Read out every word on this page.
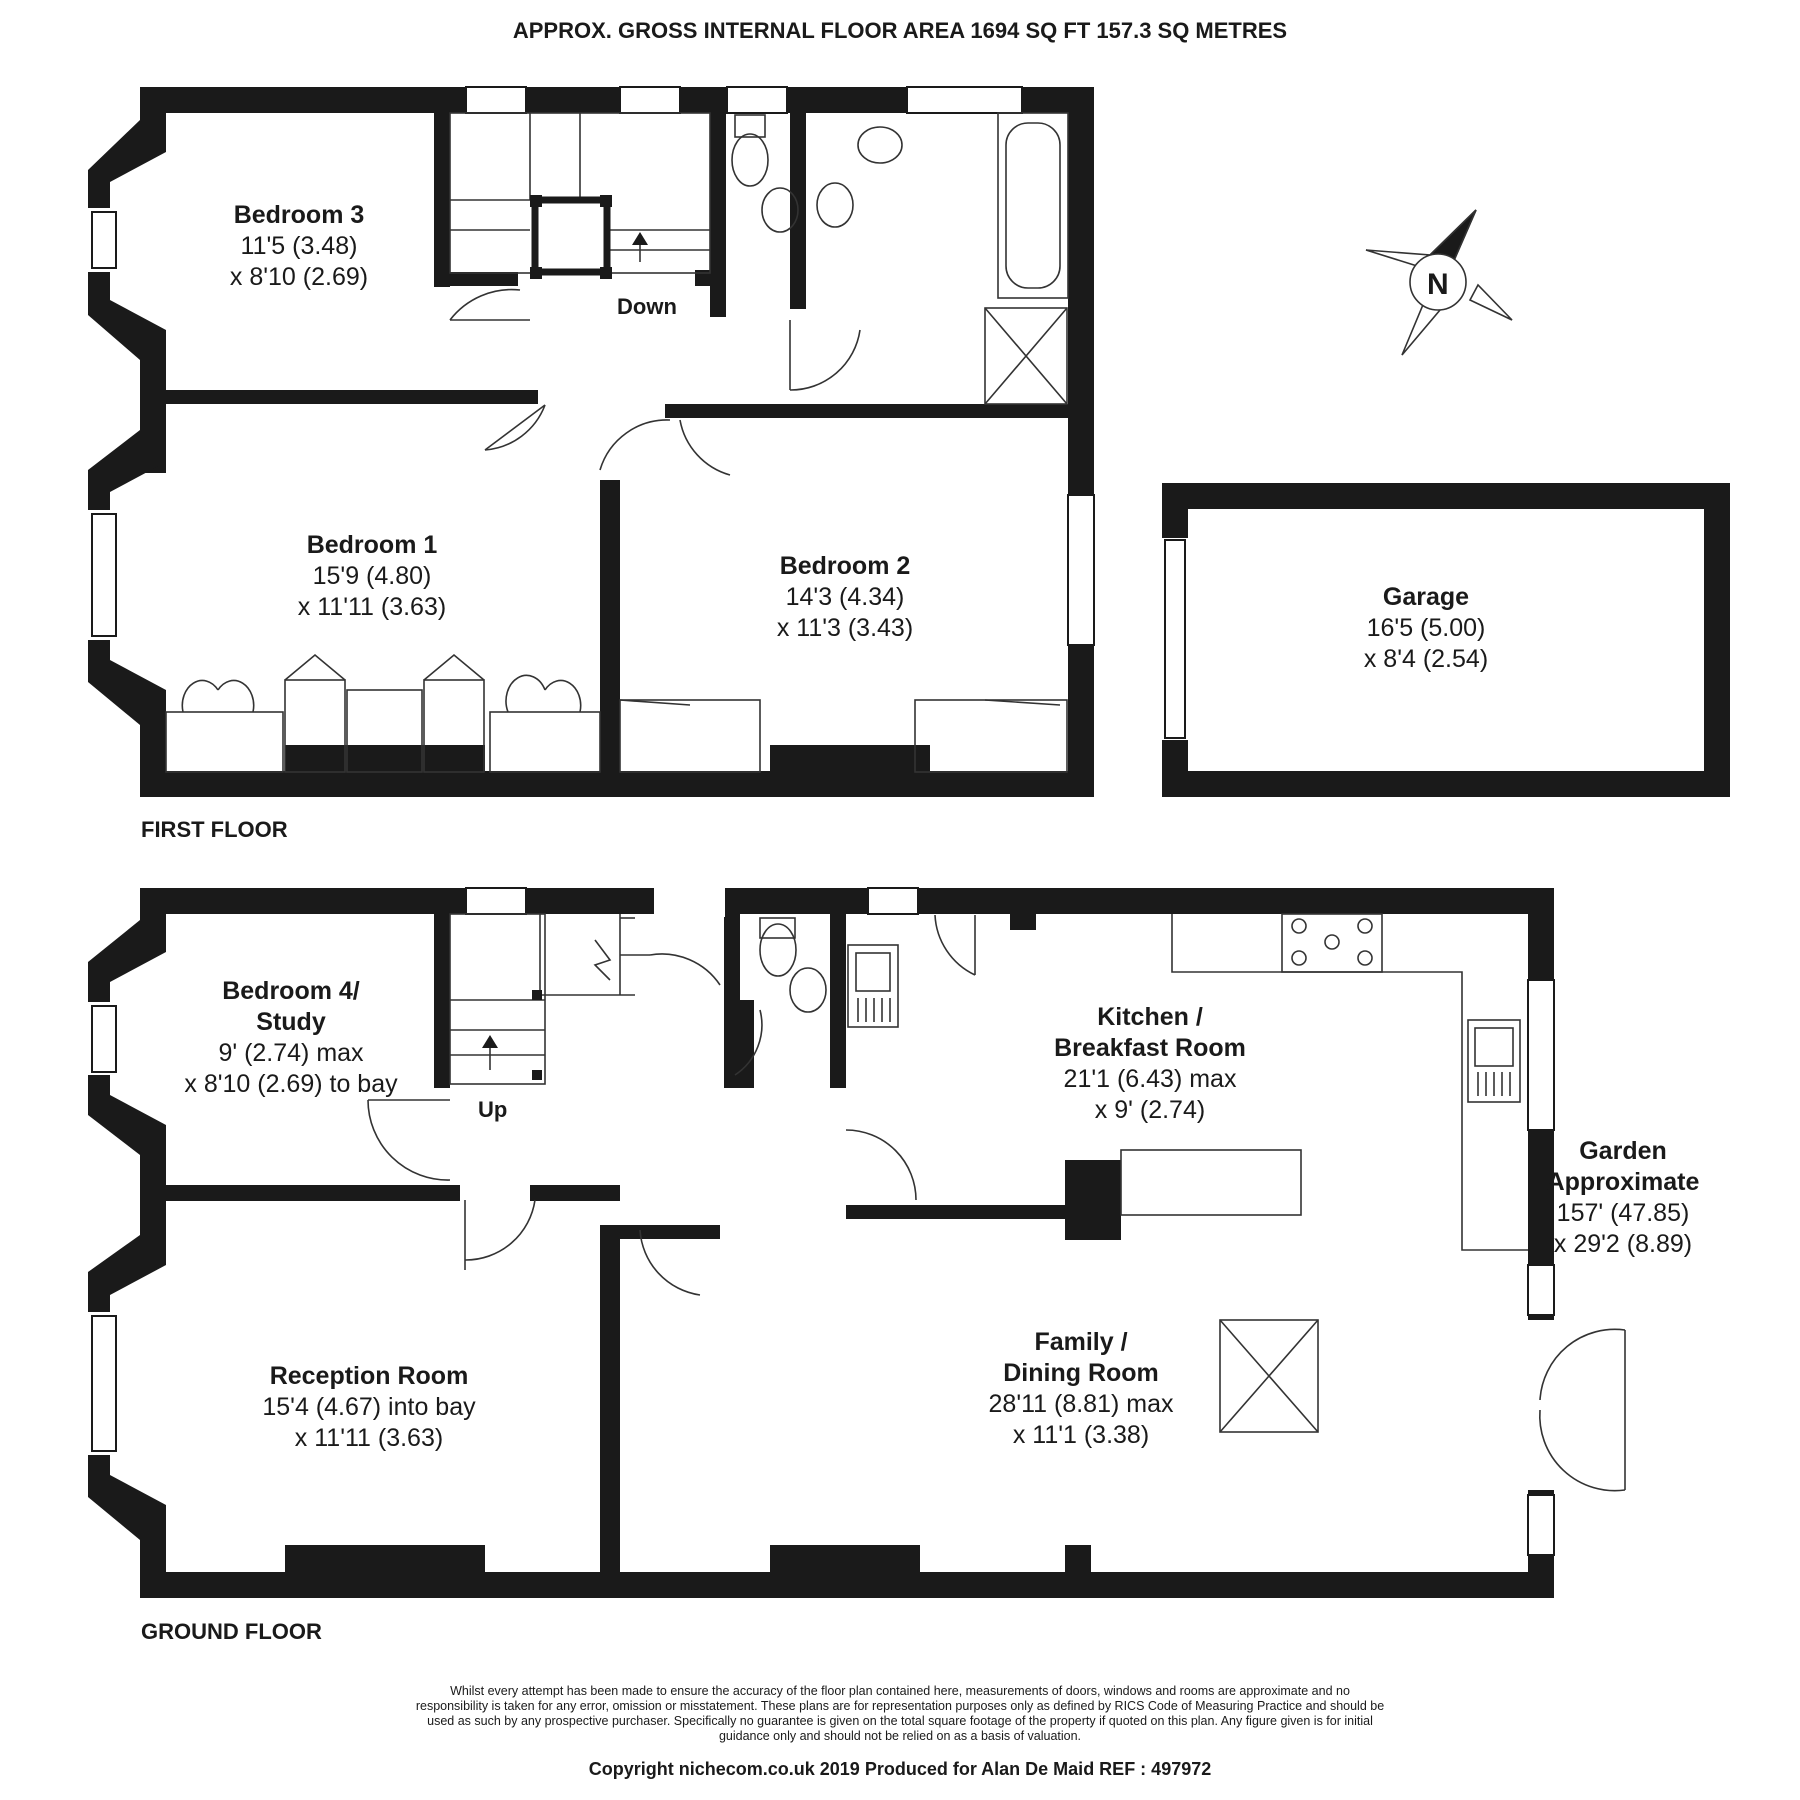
APPROX. GROSS INTERNAL FLOOR AREA 1694 SQ FT 157.3 SQ METRES
Bedroom 3
11'5 (3.48)
x 8'10 (2.69)
Bedroom 1
15'9 (4.80)
x 11'11 (3.63)
Bedroom 2
14'3 (4.34)
x 11'3 (3.43)
Garage
16'5 (5.00)
x 8'4 (2.54)
Bedroom 4/
Study
9' (2.74) max
x 8'10 (2.69) to bay
Kitchen /
Breakfast Room
21'1 (6.43) max
x 9' (2.74)
Garden
Approximate
157' (47.85)
x 29'2 (8.89)
Reception Room
15'4 (4.67) into bay
x 11'11 (3.63)
Family /
Dining Room
28'11 (8.81) max
x 11'1 (3.38)
Down
Up
N
FIRST FLOOR
GROUND FLOOR
Whilst every attempt has been made to ensure the accuracy of the floor plan contained here, measurements of doors, windows and rooms are approximate and no responsibility is taken for any error, omission or misstatement. These plans are for representation purposes only as defined by RICS Code of Measuring Practice and should be used as such by any prospective purchaser. Specifically no guarantee is given on the total square footage of the property if quoted on this plan. Any figure given is for initial guidance only and should not be relied on as a basis of valuation.
Copyright nichecom.co.uk 2019 Produced for Alan De Maid REF : 497972
